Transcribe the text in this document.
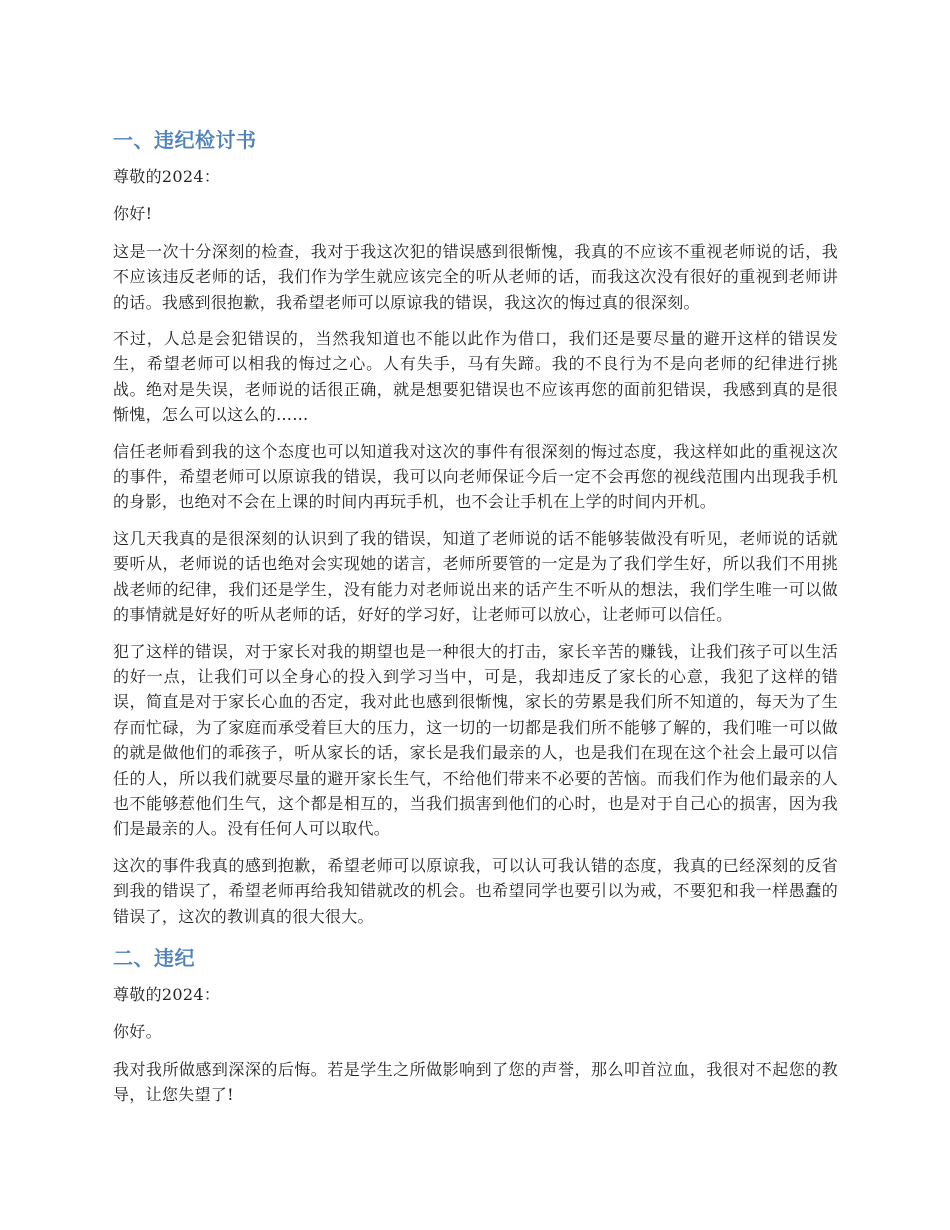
一、违纪检讨书

尊敬的2024：

你好!

这是一次十分深刻的检查，我对于我这次犯的错误感到很惭愧，我真的不应该不重视老师说的话，我不应该违反老师的话，我们作为学生就应该完全的听从老师的话，而我这次没有很好的重视到老师讲的话。我感到很抱歉，我希望老师可以原谅我的错误，我这次的悔过真的很深刻。

不过，人总是会犯错误的，当然我知道也不能以此作为借口，我们还是要尽量的避开这样的错误发生，希望老师可以相我的悔过之心。人有失手，马有失蹄。我的不良行为不是向老师的纪律进行挑战。绝对是失误，老师说的话很正确，就是想要犯错误也不应该再您的面前犯错误，我感到真的是很惭愧，怎么可以这么的……

信任老师看到我的这个态度也可以知道我对这次的事件有很深刻的悔过态度，我这样如此的重视这次的事件，希望老师可以原谅我的错误，我可以向老师保证今后一定不会再您的视线范围内出现我手机的身影，也绝对不会在上课的时间内再玩手机，也不会让手机在上学的时间内开机。

这几天我真的是很深刻的认识到了我的错误，知道了老师说的话不能够装做没有听见，老师说的话就要听从，老师说的话也绝对会实现她的诺言，老师所要管的一定是为了我们学生好，所以我们不用挑战老师的纪律，我们还是学生，没有能力对老师说出来的话产生不听从的想法，我们学生唯一可以做的事情就是好好的听从老师的话，好好的学习好，让老师可以放心，让老师可以信任。

犯了这样的错误，对于家长对我的期望也是一种很大的打击，家长辛苦的赚钱，让我们孩子可以生活的好一点，让我们可以全身心的投入到学习当中，可是，我却违反了家长的心意，我犯了这样的错误，简直是对于家长心血的否定，我对此也感到很惭愧，家长的劳累是我们所不知道的，每天为了生存而忙碌，为了家庭而承受着巨大的压力，这一切的一切都是我们所不能够了解的，我们唯一可以做的就是做他们的乖孩子，听从家长的话，家长是我们最亲的人，也是我们在现在这个社会上最可以信任的人，所以我们就要尽量的避开家长生气，不给他们带来不必要的苦恼。而我们作为他们最亲的人也不能够惹他们生气，这个都是相互的，当我们损害到他们的心时，也是对于自己心的损害，因为我们是最亲的人。没有任何人可以取代。

这次的事件我真的感到抱歉，希望老师可以原谅我，可以认可我认错的态度，我真的已经深刻的反省到我的错误了，希望老师再给我知错就改的机会。也希望同学也要引以为戒，不要犯和我一样愚蠢的错误了，这次的教训真的很大很大。

二、违纪

尊敬的2024：

你好。

我对我所做感到深深的后悔。若是学生之所做影响到了您的声誉，那么叩首泣血，我很对不起您的教导，让您失望了!
